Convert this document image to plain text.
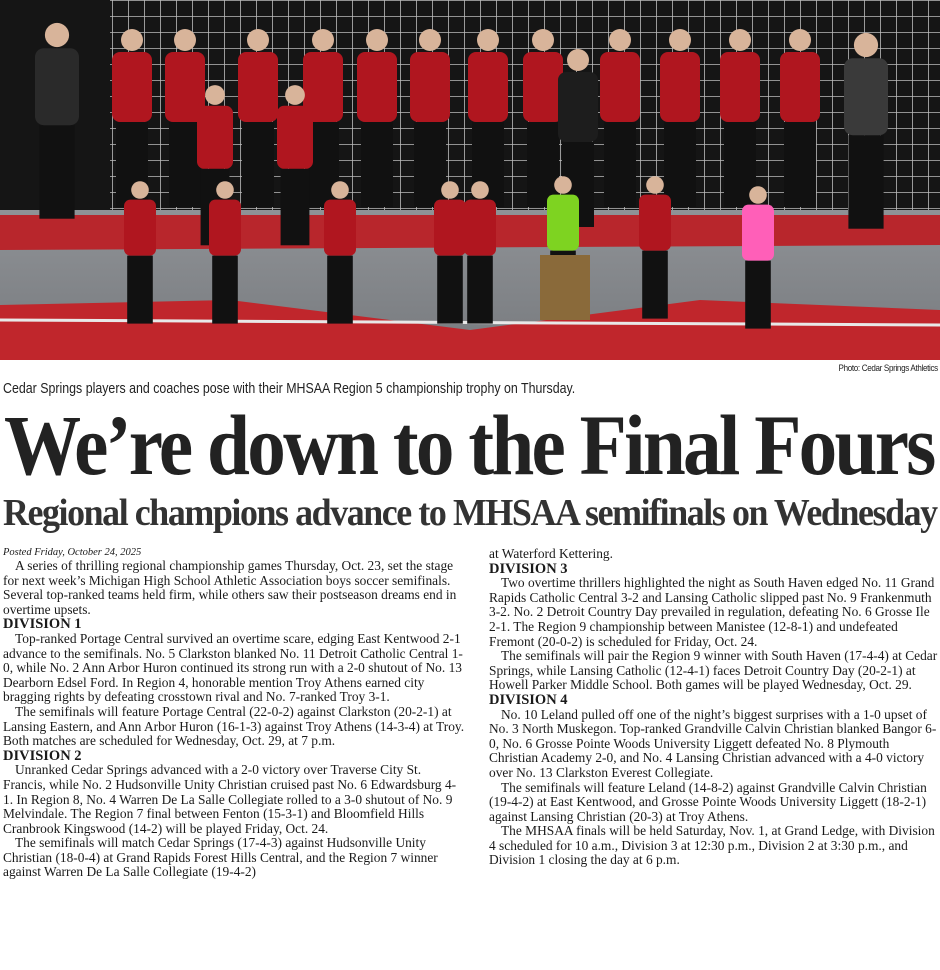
Photo: Cedar Springs Athletics
Cedar Springs players and coaches pose with their MHSAA Region 5 championship trophy on Thursday.
We’re down to the Final Fours
Regional champions advance to MHSAA semifinals on Wednesday
Posted Friday, October 24, 2025

A series of thrilling regional championship games Thursday, Oct. 23, set the stage for next week’s Michigan High School Athletic Association boys soccer semifinals. Several top-ranked teams held firm, while others saw their postseason dreams end in overtime upsets.

DIVISION 1

Top-ranked Portage Central survived an overtime scare, edging East Kentwood 2-1 advance to the semifinals. No. 5 Clarkston blanked No. 11 Detroit Catholic Central 1-0, while No. 2 Ann Arbor Huron continued its strong run with a 2-0 shutout of No. 13 Dearborn Edsel Ford. In Region 4, honorable mention Troy Athens earned city bragging rights by defeating crosstown rival and No. 7-ranked Troy 3-1.

The semifinals will feature Portage Central (22-0-2) against Clarkston (20-2-1) at Lansing Eastern, and Ann Arbor Huron (16-1-3) against Troy Athens (14-3-4) at Troy. Both matches are scheduled for Wednesday, Oct. 29, at 7 p.m.

DIVISION 2

Unranked Cedar Springs advanced with a 2-0 victory over Traverse City St. Francis, while No. 2 Hudsonville Unity Christian cruised past No. 6 Edwardsburg 4-1. In Region 8, No. 4 Warren De La Salle Collegiate rolled to a 3-0 shutout of No. 9 Melvindale. The Region 7 final between Fenton (15-3-1) and Bloomfield Hills Cranbrook Kingswood (14-2) will be played Friday, Oct. 24.

The semifinals will match Cedar Springs (17-4-3) against Hudsonville Unity Christian (18-0-4) at Grand Rapids Forest Hills Central, and the Region 7 winner against Warren De La Salle Collegiate (19-4-2)

at Waterford Kettering.

DIVISION 3

Two overtime thrillers highlighted the night as South Haven edged No. 11 Grand Rapids Catholic Central 3-2 and Lansing Catholic slipped past No. 9 Frankenmuth 3-2. No. 2 Detroit Country Day prevailed in regulation, defeating No. 6 Grosse Ile 2-1. The Region 9 championship between Manistee (12-8-1) and undefeated Fremont (20-0-2) is scheduled for Friday, Oct. 24.

The semifinals will pair the Region 9 winner with South Haven (17-4-4) at Cedar Springs, while Lansing Catholic (12-4-1) faces Detroit Country Day (20-2-1) at Howell Parker Middle School. Both games will be played Wednesday, Oct. 29.

DIVISION 4

No. 10 Leland pulled off one of the night’s biggest surprises with a 1-0 upset of No. 3 North Muskegon. Top-ranked Grandville Calvin Christian blanked Bangor 6-0, No. 6 Grosse Pointe Woods University Liggett defeated No. 8 Plymouth Christian Academy 2-0, and No. 4 Lansing Christian advanced with a 4-0 victory over No. 13 Clarkston Everest Collegiate.

The semifinals will feature Leland (14-8-2) against Grandville Calvin Christian (19-4-2) at East Kentwood, and Grosse Pointe Woods University Liggett (18-2-1) against Lansing Christian (20-3) at Troy Athens.

The MHSAA finals will be held Saturday, Nov. 1, at Grand Ledge, with Division 4 scheduled for 10 a.m., Division 3 at 12:30 p.m., Division 2 at 3:30 p.m., and Division 1 closing the day at 6 p.m.
